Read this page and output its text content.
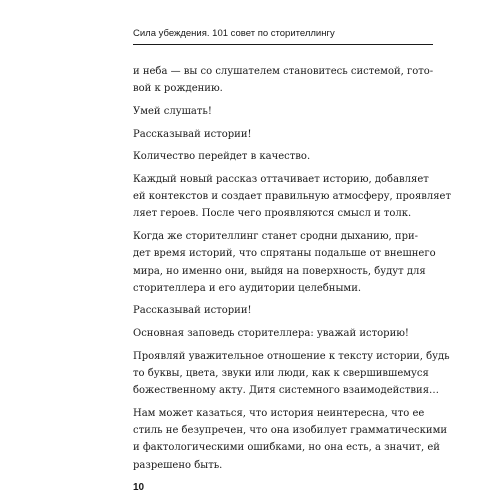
Сила убеждения. 101 совет по сторителлингу

и неба — вы со слушателем становитесь системой, гото-
вой к рождению.

Умей слушать!

Рассказывай истории!

Количество перейдет в качество.

Каждый новый рассказ оттачивает историю, добавляет
ей контекстов и создает правильную атмосферу, проявляет
ляет героев. После чего проявляются смысл и толк.

Когда же сторителлинг станет сродни дыханию, при-
дет время историй, что спрятаны подальше от внешнего
мира, но именно они, выйдя на поверхность, будут для
сторителлера и его аудитории целебными.

Рассказывай истории!

Основная заповедь сторителлера: уважай историю!

Проявляй уважительное отношение к тексту истории, будь
то буквы, цвета, звуки или люди, как к свершившемуся
божественному акту. Дитя системного взаимодействия…

Нам может казаться, что история неинтересна, что ее
стиль не безупречен, что она изобилует грамматическими
и фактологическими ошибками, но она есть, а значит, ей
разрешено быть.

10
